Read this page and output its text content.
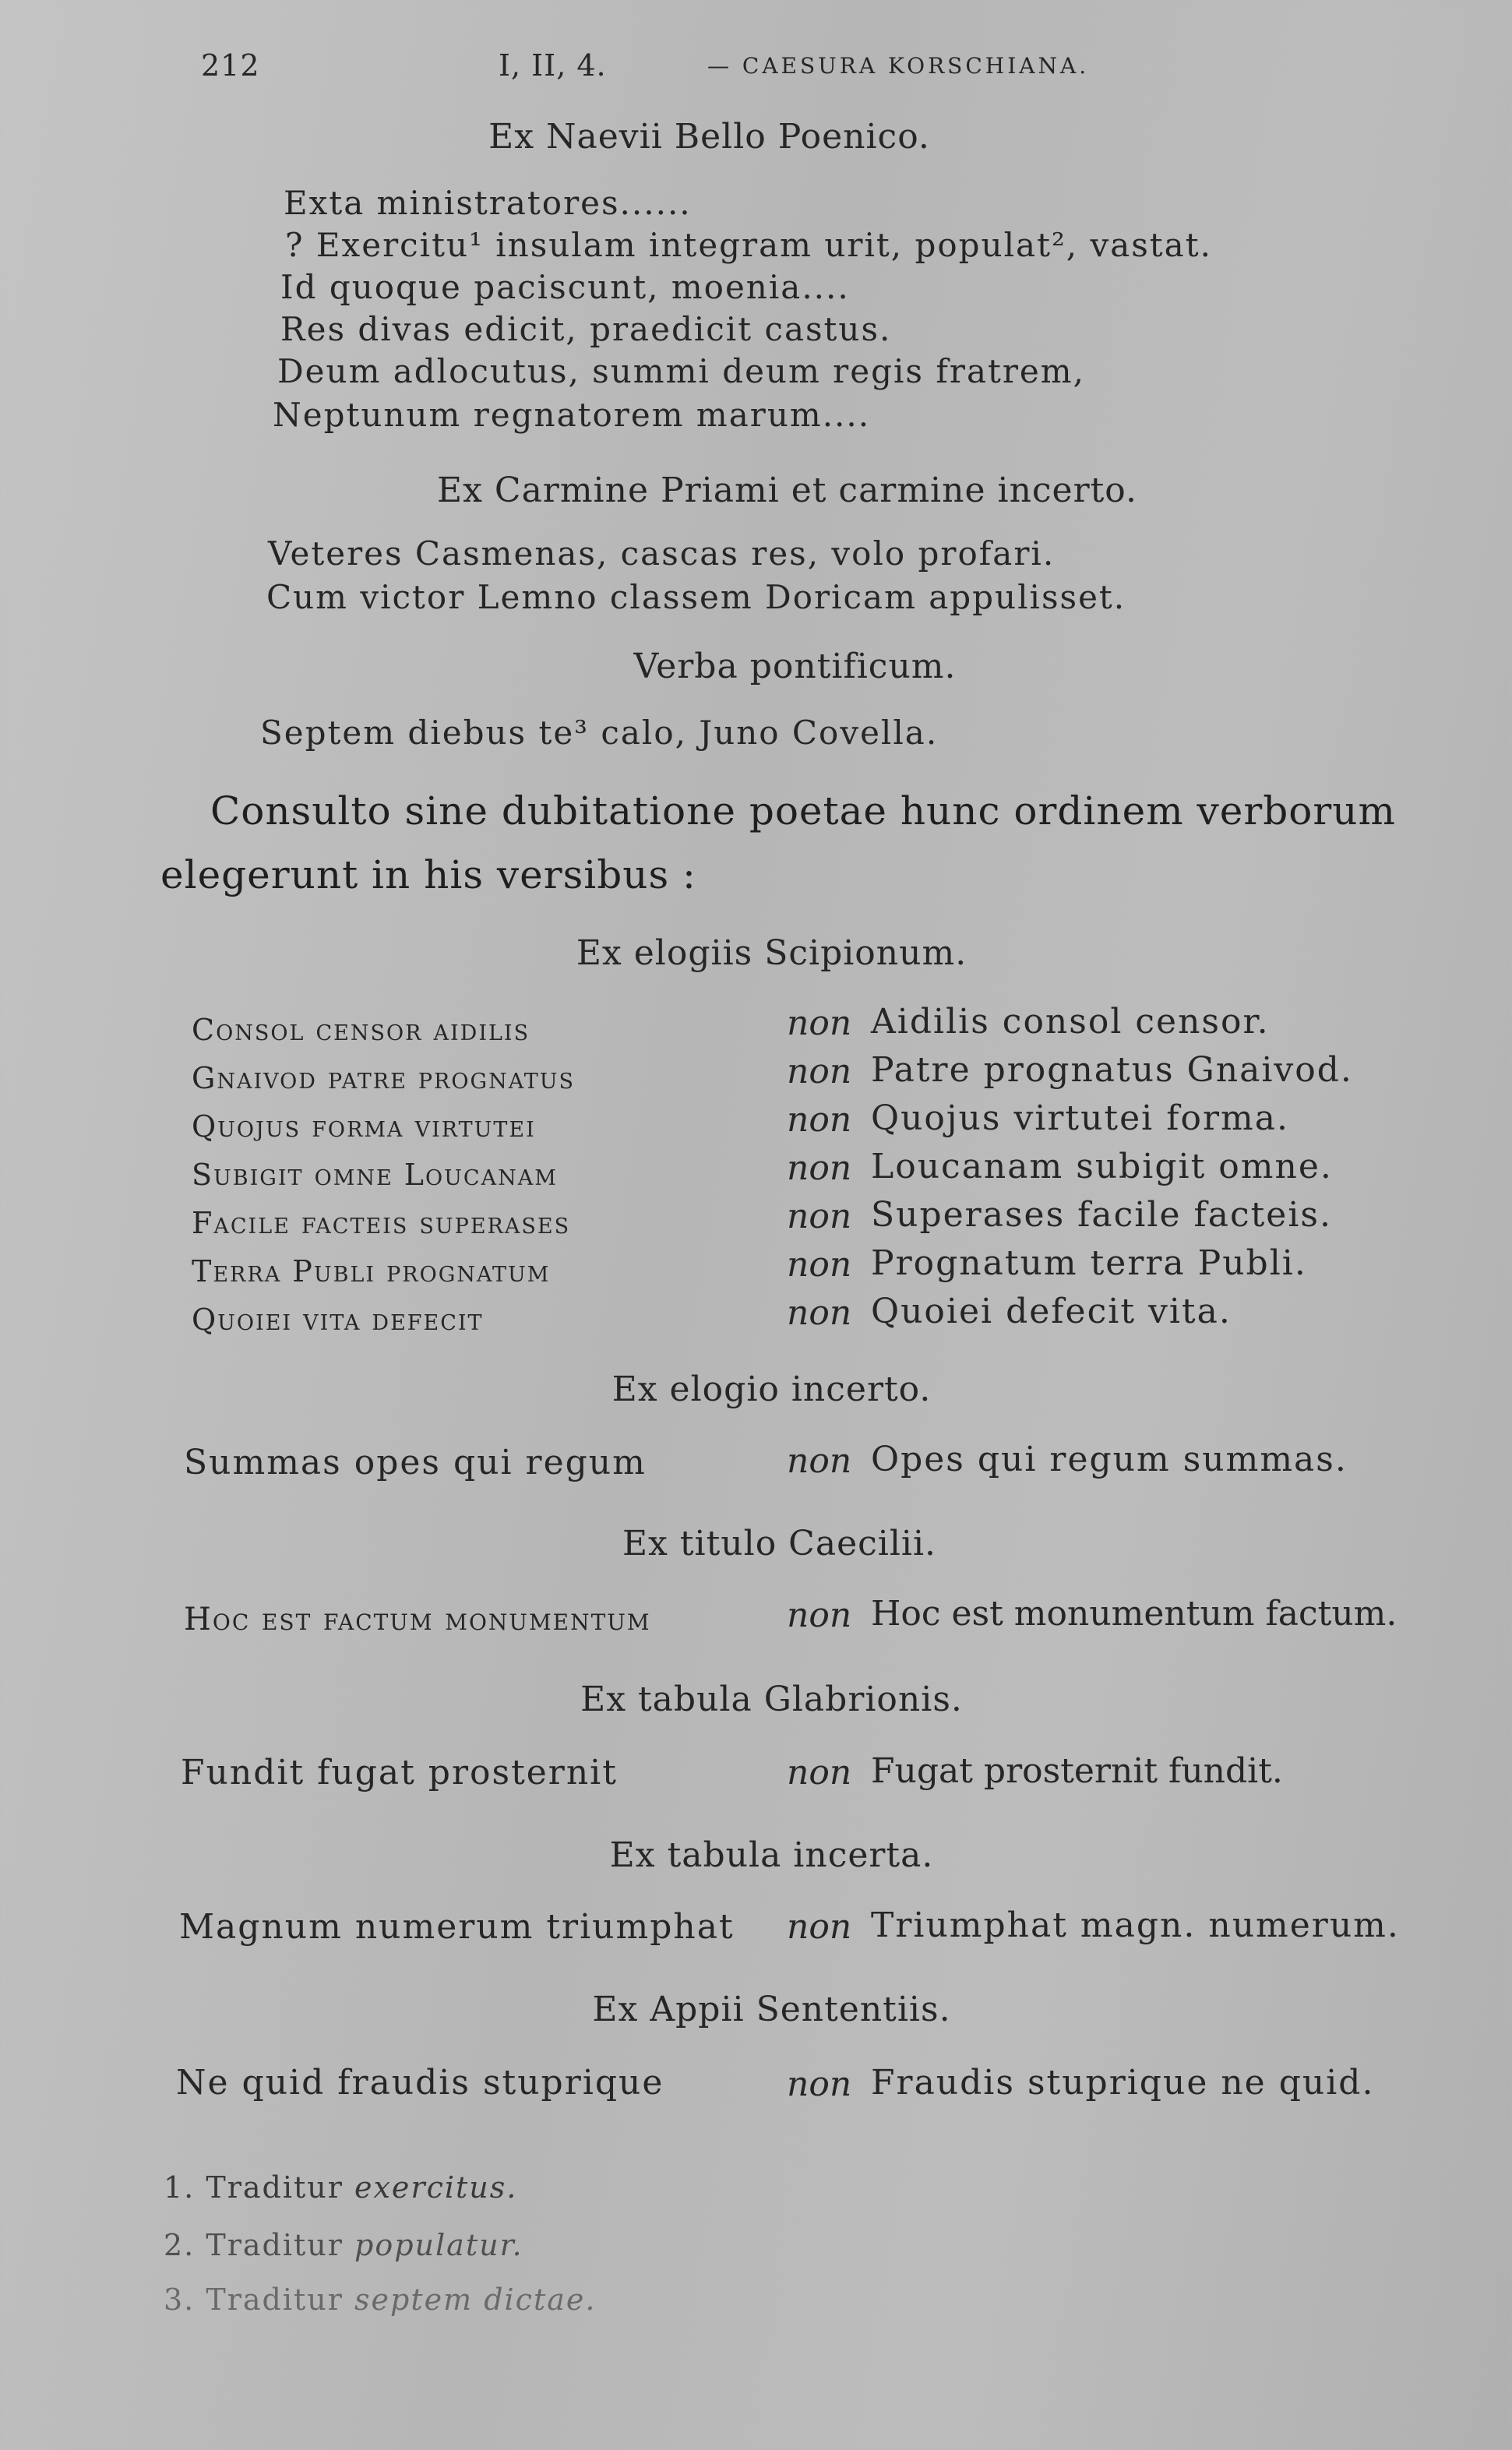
212	I, II, 4.	— CAESURA KORSCHIANA.
Ex Naevii Bello Poenico.
Exta ministratores......
? Exercitu¹ insulam integram urit, populat², vastat.
Id quoque paciscunt, moenia....
Res divas edicit, praedicit castus.
Deum adlocutus, summi deum regis fratrem,
Neptunum regnatorem marum....
Ex Carmine Priami et carmine incerto.
Veteres Casmenas, cascas res, volo profari.
Cum victor Lemno classem Doricam appulisset.
Verba pontificum.
Septem diebus te³ calo, Juno Covella.
Consulto sine dubitatione poetae hunc ordinem verborum
elegerunt in his versibus :
Ex elogiis Scipionum.
Consol censor aidilis	non Aidilis consol censor.
Gnaivod patre prognatus	non Patre prognatus Gnaivod.
Quojus forma virtutei	non Quojus virtutei forma.
Subigit omne Loucanam	non Loucanam subigit omne.
Facile facteis superases	non Superases facile facteis.
Terra Publi prognatum	non Prognatum terra Publi.
Quoiei vita defecit	non Quoiei defecit vita.
Ex elogio incerto.
Summas opes qui regum	non Opes qui regum summas.
Ex titulo Caecilii.
Hoc est factum monumentum	non Hoc est monumentum factum.
Ex tabula Glabrionis.
Fundit fugat prosternit	non Fugat prosternit fundit.
Ex tabula incerta.
Magnum numerum triumphat non Triumphat magn. numerum.
Ex Appii Sententiis.
Ne quid fraudis stuprique	non Fraudis stuprique ne quid.
1. Traditur exercitus.
2. Traditur populatur.
3. Traditur septem dictae.
